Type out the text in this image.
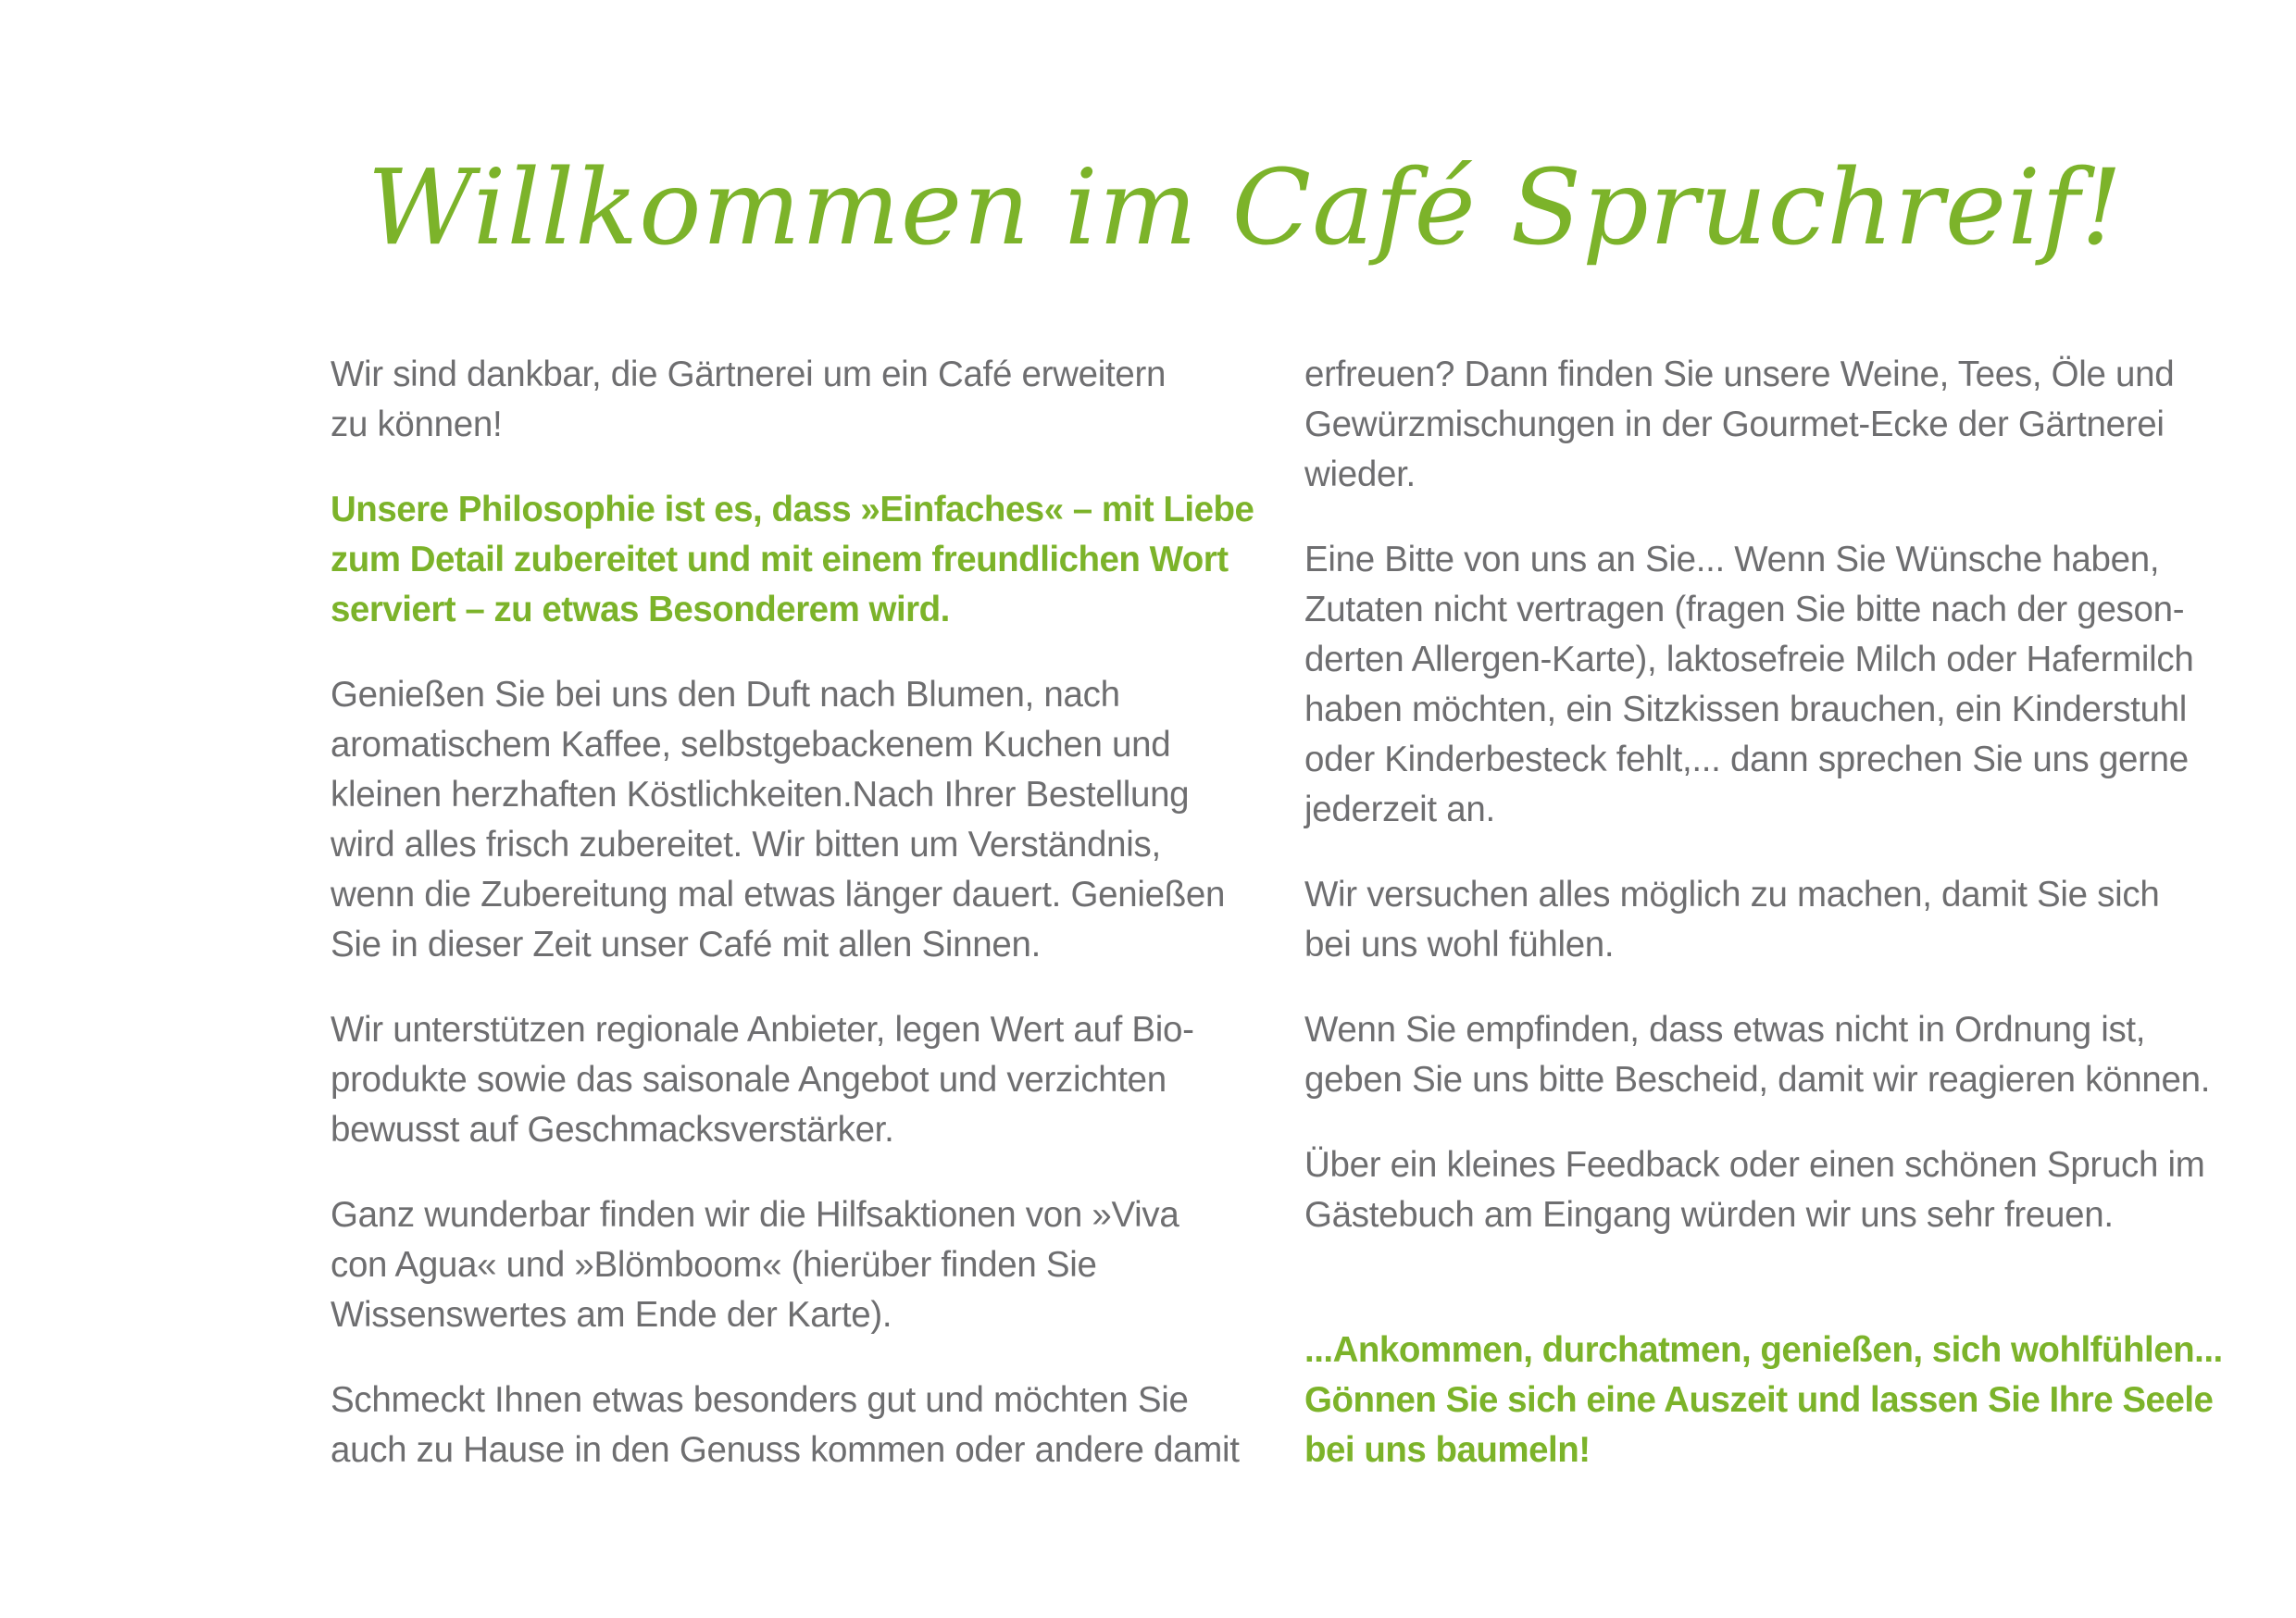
Willkommen im Café Spruchreif!
Wir sind dankbar, die Gärtnerei um ein Café erweitern
zu können!
Unsere Philosophie ist es, dass »Einfaches« – mit Liebe
zum Detail zubereitet und mit einem freundlichen Wort
serviert – zu etwas Besonderem wird.
Genießen Sie bei uns den Duft nach Blumen, nach
aromatischem Kaffee, selbstgebackenem Kuchen und
kleinen herzhaften Köstlichkeiten.Nach Ihrer Bestellung
wird alles frisch zubereitet. Wir bitten um Verständnis,
wenn die Zubereitung mal etwas länger dauert. Genießen
Sie in dieser Zeit unser Café mit allen Sinnen.
Wir unterstützen regionale Anbieter, legen Wert auf Bio-
produkte sowie das saisonale Angebot und verzichten
bewusst auf Geschmacksverstärker.
Ganz wunderbar finden wir die Hilfsaktionen von »Viva
con Agua« und »Blömboom« (hierüber finden Sie
Wissenswertes am Ende der Karte).
Schmeckt Ihnen etwas besonders gut und möchten Sie
auch zu Hause in den Genuss kommen oder andere damit
erfreuen? Dann finden Sie unsere Weine, Tees, Öle und
Gewürzmischungen in der Gourmet-Ecke der Gärtnerei
wieder.
Eine Bitte von uns an Sie... Wenn Sie Wünsche haben,
Zutaten nicht vertragen (fragen Sie bitte nach der geson-
derten Allergen-Karte), laktosefreie Milch oder Hafermilch
haben möchten, ein Sitzkissen brauchen, ein Kinderstuhl
oder Kinderbesteck fehlt,... dann sprechen Sie uns gerne
jederzeit an.
Wir versuchen alles möglich zu machen, damit Sie sich
bei uns wohl fühlen.
Wenn Sie empfinden, dass etwas nicht in Ordnung ist,
geben Sie uns bitte Bescheid, damit wir reagieren können.
Über ein kleines Feedback oder einen schönen Spruch im
Gästebuch am Eingang würden wir uns sehr freuen.
...Ankommen, durchatmen, genießen, sich wohlfühlen...
Gönnen Sie sich eine Auszeit und lassen Sie Ihre Seele
bei uns baumeln!
